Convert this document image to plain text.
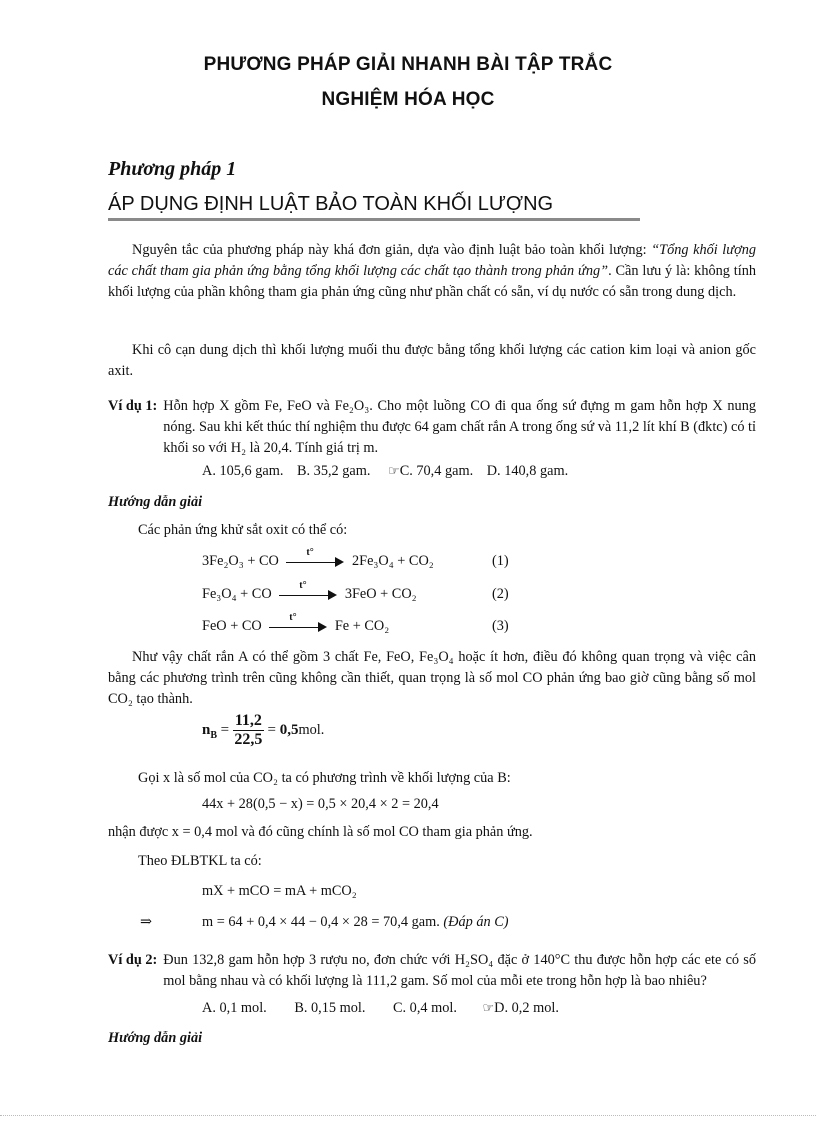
PHƯƠNG PHÁP GIẢI NHANH BÀI TẬP TRẮC
NGHIỆM HÓA HỌC
Phương pháp 1
ÁP DỤNG ĐỊNH LUẬT BẢO TOÀN KHỐI LƯỢNG
Nguyên tắc của phương pháp này khá đơn giản, dựa vào định luật bảo toàn khối lượng: “Tổng khối lượng các chất tham gia phản ứng bằng tổng khối lượng các chất tạo thành trong phản ứng”. Cần lưu ý là: không tính khối lượng của phần không tham gia phản ứng cũng như phần chất có sẵn, ví dụ nước có sẵn trong dung dịch.
Khi cô cạn dung dịch thì khối lượng muối thu được bằng tổng khối lượng các cation kim loại và anion gốc axit.
Ví dụ 1: Hỗn hợp X gồm Fe, FeO và Fe₂O₃. Cho một luồng CO đi qua ống sứ đựng m gam hỗn hợp X nung nóng. Sau khi kết thúc thí nghiệm thu được 64 gam chất rắn A trong ống sứ và 11,2 lít khí B (đktc) có tỉ khối so với H₂ là 20,4. Tính giá trị m.
A. 105,6 gam. B. 35,2 gam. ☞C. 70,4 gam. D. 140,8 gam.
Hướng dẫn giải
Các phản ứng khử sắt oxit có thể có:
3Fe₂O₃ + CO
t°
2Fe₃O₄ + CO₂	(1)
Fe₃O₄ + CO
t°
3FeO + CO₂	(2)
FeO + CO
t°
Fe + CO₂	(3)
Như vậy chất rắn A có thể gồm 3 chất Fe, FeO, Fe₃O₄ hoặc ít hơn, điều đó không quan trọng và việc cân bằng các phương trình trên cũng không cần thiết, quan trọng là số mol CO phản ứng bao giờ cũng bằng số mol CO₂ tạo thành.
$n_B = \frac{11,2}{22,5} = 0,5mol$.
Gọi x là số mol của CO₂ ta có phương trình về khối lượng của B:
44x + 28(0,5 − x) = 0,5 × 20,4 × 2 = 20,4
nhận được x = 0,4 mol và đó cũng chính là số mol CO tham gia phản ứng.
Theo ĐLBTKL ta có:
mX + mCO = mA + mCO₂
⇒	m = 64 + 0,4 × 44 − 0,4 × 28 = 70,4 gam. (Đáp án C)
Ví dụ 2: Đun 132,8 gam hỗn hợp 3 rượu no, đơn chức với H₂SO₄ đặc ở 140°C thu được hỗn hợp các ete có số mol bằng nhau và có khối lượng là 111,2 gam. Số mol của mỗi ete trong hỗn hợp là bao nhiêu?
A. 0,1 mol. B. 0,15 mol. C. 0,4 mol. ☞D. 0,2 mol.
Hướng dẫn giải
